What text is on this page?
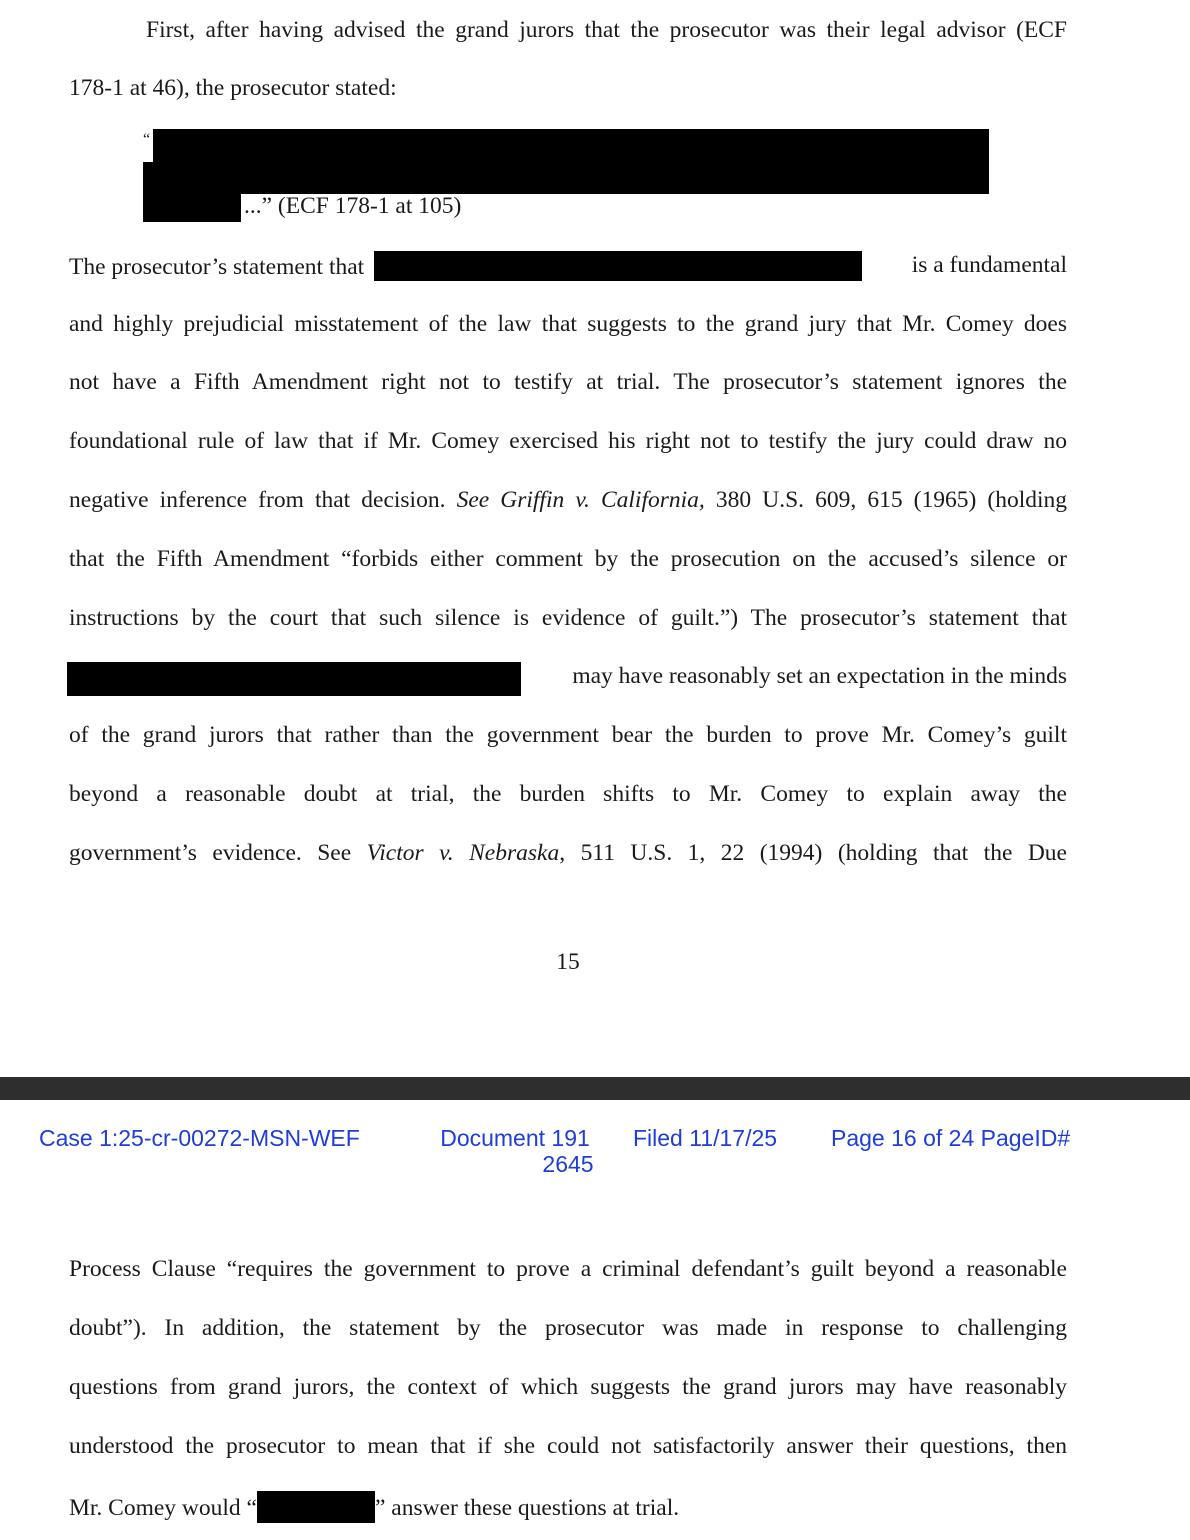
First, after having advised the grand jurors that the prosecutor was their legal advisor (ECF
178-1 at 46), the prosecutor stated:
“
...” (ECF 178-1 at 105)
The prosecutor’s statement that	is a fundamental
and highly prejudicial misstatement of the law that suggests to the grand jury that Mr. Comey does
not have a Fifth Amendment right not to testify at trial. The prosecutor’s statement ignores the
foundational rule of law that if Mr. Comey exercised his right not to testify the jury could draw no
negative inference from that decision. See Griffin v. California, 380 U.S. 609, 615 (1965) (holding
that the Fifth Amendment “forbids either comment by the prosecution on the accused’s silence or
instructions by the court that such silence is evidence of guilt.”) The prosecutor’s statement that
may have reasonably set an expectation in the minds
of the grand jurors that rather than the government bear the burden to prove Mr. Comey’s guilt
beyond a reasonable doubt at trial, the burden shifts to Mr. Comey to explain away the
government’s evidence. See Victor v. Nebraska, 511 U.S. 1, 22 (1994) (holding that the Due
15
Case 1:25-cr-00272-MSN-WEF	Document 191
2645
Filed 11/17/25 Page 16 of 24 PageID#
Process Clause “requires the government to prove a criminal defendant’s guilt beyond a reasonable
doubt”). In addition, the statement by the prosecutor was made in response to challenging
questions from grand jurors, the context of which suggests the grand jurors may have reasonably
understood the prosecutor to mean that if she could not satisfactorily answer their questions, then
Mr. Comey would “	” answer these questions at trial.
